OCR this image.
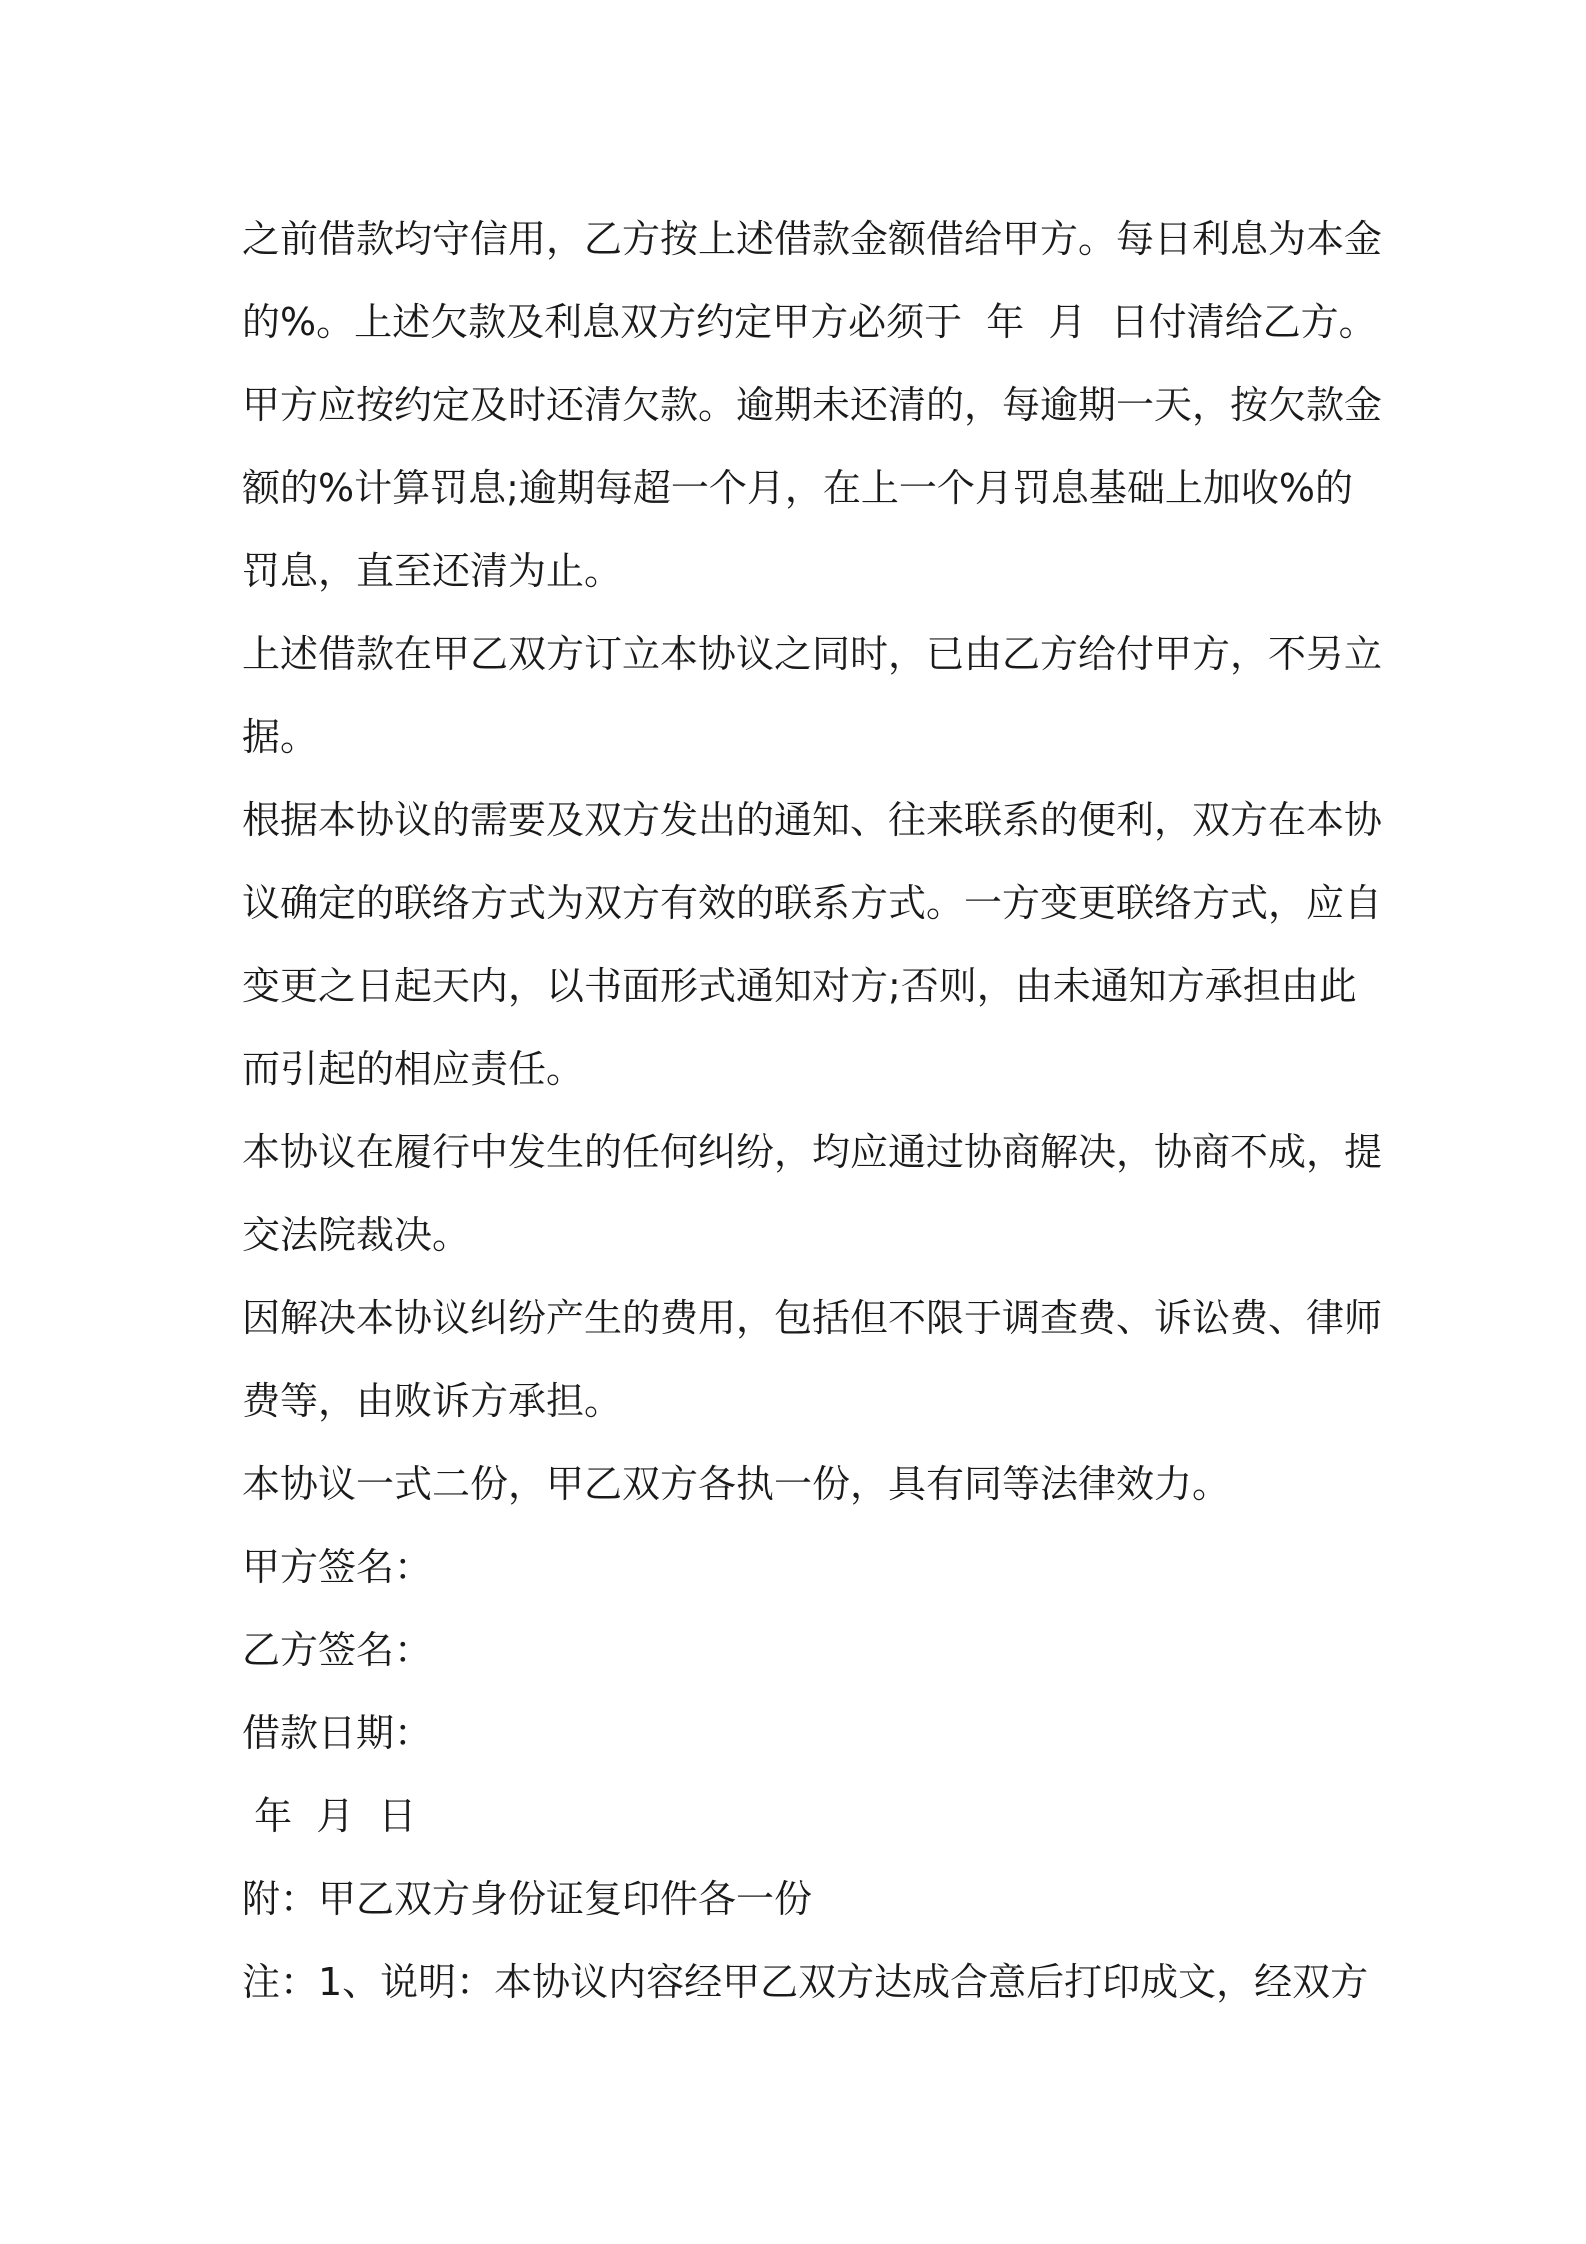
之前借款均守信用，乙方按上述借款金额借给甲方。每日利息为本金
的%。上述欠款及利息双方约定甲方必须于  年  月  日付清给乙方。

甲方应按约定及时还清欠款。逾期未还清的，每逾期一天，按欠款金
额的%计算罚息;逾期每超一个月，在上一个月罚息基础上加收%的
罚息，直至还清为止。

上述借款在甲乙双方订立本协议之同时，已由乙方给付甲方，不另立
据。

根据本协议的需要及双方发出的通知、往来联系的便利，双方在本协
议确定的联络方式为双方有效的联系方式。一方变更联络方式，应自
变更之日起天内，以书面形式通知对方;否则，由未通知方承担由此
而引起的相应责任。

本协议在履行中发生的任何纠纷，均应通过协商解决，协商不成，提
交法院裁决。

因解决本协议纠纷产生的费用，包括但不限于调查费、诉讼费、律师
费等，由败诉方承担。

本协议一式二份，甲乙双方各执一份，具有同等法律效力。

甲方签名：

乙方签名：

借款日期：

年  月  日

附：甲乙双方身份证复印件各一份

注：1、说明：本协议内容经甲乙双方达成合意后打印成文，经双方
